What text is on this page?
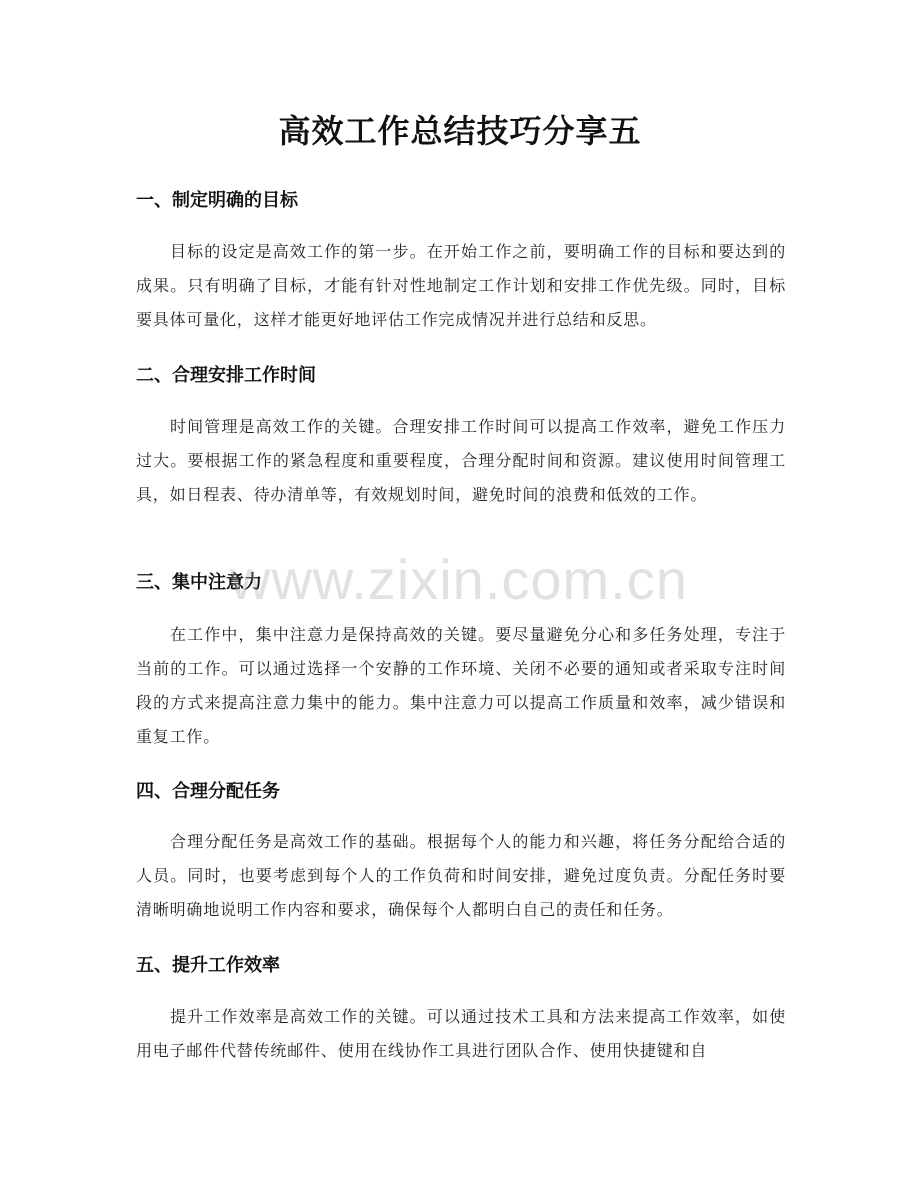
高效工作总结技巧分享五
一、制定明确的目标

目标的设定是高效工作的第一步。在开始工作之前，要明确工作的目标和要达到的成果。只有明确了目标，才能有针对性地制定工作计划和安排工作优先级。同时，目标要具体可量化，这样才能更好地评估工作完成情况并进行总结和反思。

二、合理安排工作时间

时间管理是高效工作的关键。合理安排工作时间可以提高工作效率，避免工作压力过大。要根据工作的紧急程度和重要程度，合理分配时间和资源。建议使用时间管理工具，如日程表、待办清单等，有效规划时间，避免时间的浪费和低效的工作。

三、集中注意力

在工作中，集中注意力是保持高效的关键。要尽量避免分心和多任务处理，专注于当前的工作。可以通过选择一个安静的工作环境、关闭不必要的通知或者采取专注时间段的方式来提高注意力集中的能力。集中注意力可以提高工作质量和效率，减少错误和重复工作。

四、合理分配任务

合理分配任务是高效工作的基础。根据每个人的能力和兴趣，将任务分配给合适的人员。同时，也要考虑到每个人的工作负荷和时间安排，避免过度负责。分配任务时要清晰明确地说明工作内容和要求，确保每个人都明白自己的责任和任务。

五、提升工作效率

提升工作效率是高效工作的关键。可以通过技术工具和方法来提高工作效率，如使用电子邮件代替传统邮件、使用在线协作工具进行团队合作、使用快捷键和自

www.zixin.com.cn
